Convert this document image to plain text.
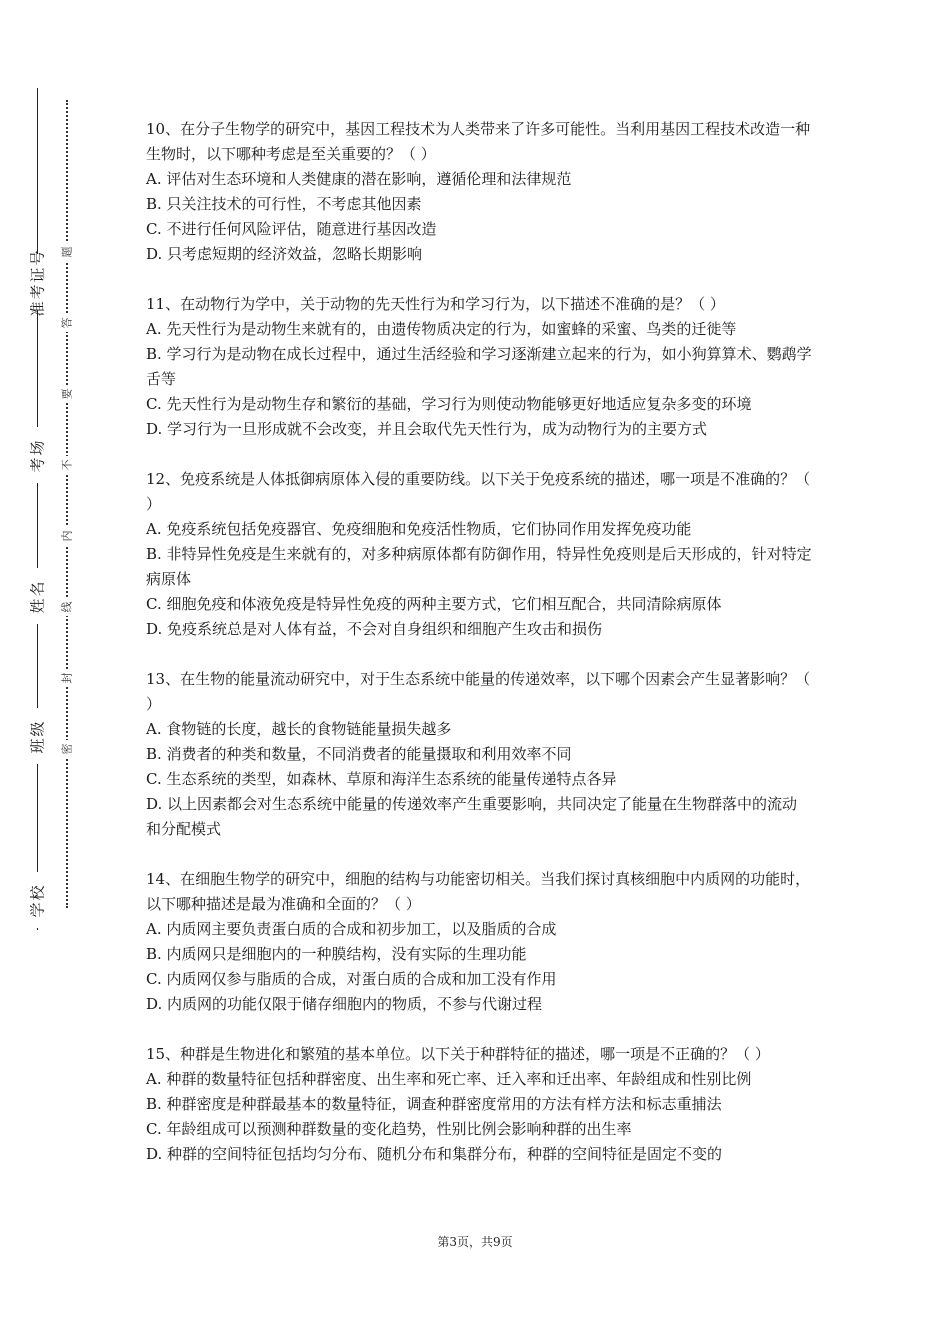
准考证号
考场
姓名
班级
学校
题
答
要
不
内
线
封
密

10、在分子生物学的研究中，基因工程技术为人类带来了许多可能性。当利用基因工程技术改造一种生物时，以下哪种考虑是至关重要的？（ ）

A. 评估对生态环境和人类健康的潜在影响，遵循伦理和法律规范

B. 只关注技术的可行性，不考虑其他因素

C. 不进行任何风险评估，随意进行基因改造

D. 只考虑短期的经济效益，忽略长期影响

11、在动物行为学中，关于动物的先天性行为和学习行为，以下描述不准确的是？（ ）

A. 先天性行为是动物生来就有的，由遗传物质决定的行为，如蜜蜂的采蜜、鸟类的迁徙等

B. 学习行为是动物在成长过程中，通过生活经验和学习逐渐建立起来的行为，如小狗算算术、鹦鹉学舌等

C. 先天性行为是动物生存和繁衍的基础，学习行为则使动物能够更好地适应复杂多变的环境

D. 学习行为一旦形成就不会改变，并且会取代先天性行为，成为动物行为的主要方式

12、免疫系统是人体抵御病原体入侵的重要防线。以下关于免疫系统的描述，哪一项是不准确的？（ ）

A. 免疫系统包括免疫器官、免疫细胞和免疫活性物质，它们协同作用发挥免疫功能

B. 非特异性免疫是生来就有的，对多种病原体都有防御作用，特异性免疫则是后天形成的，针对特定病原体

C. 细胞免疫和体液免疫是特异性免疫的两种主要方式，它们相互配合，共同清除病原体

D. 免疫系统总是对人体有益，不会对自身组织和细胞产生攻击和损伤

13、在生物的能量流动研究中，对于生态系统中能量的传递效率，以下哪个因素会产生显著影响？（ ）

A. 食物链的长度，越长的食物链能量损失越多

B. 消费者的种类和数量，不同消费者的能量摄取和利用效率不同

C. 生态系统的类型，如森林、草原和海洋生态系统的能量传递特点各异

D. 以上因素都会对生态系统中能量的传递效率产生重要影响，共同决定了能量在生物群落中的流动和分配模式

14、在细胞生物学的研究中，细胞的结构与功能密切相关。当我们探讨真核细胞中内质网的功能时，以下哪种描述是最为准确和全面的？（ ）

A. 内质网主要负责蛋白质的合成和初步加工，以及脂质的合成

B. 内质网只是细胞内的一种膜结构，没有实际的生理功能

C. 内质网仅参与脂质的合成，对蛋白质的合成和加工没有作用

D. 内质网的功能仅限于储存细胞内的物质，不参与代谢过程

15、种群是生物进化和繁殖的基本单位。以下关于种群特征的描述，哪一项是不正确的？（ ）

A. 种群的数量特征包括种群密度、出生率和死亡率、迁入率和迁出率、年龄组成和性别比例

B. 种群密度是种群最基本的数量特征，调查种群密度常用的方法有样方法和标志重捕法

C. 年龄组成可以预测种群数量的变化趋势，性别比例会影响种群的出生率

D. 种群的空间特征包括均匀分布、随机分布和集群分布，种群的空间特征是固定不变的

第3页，共9页
